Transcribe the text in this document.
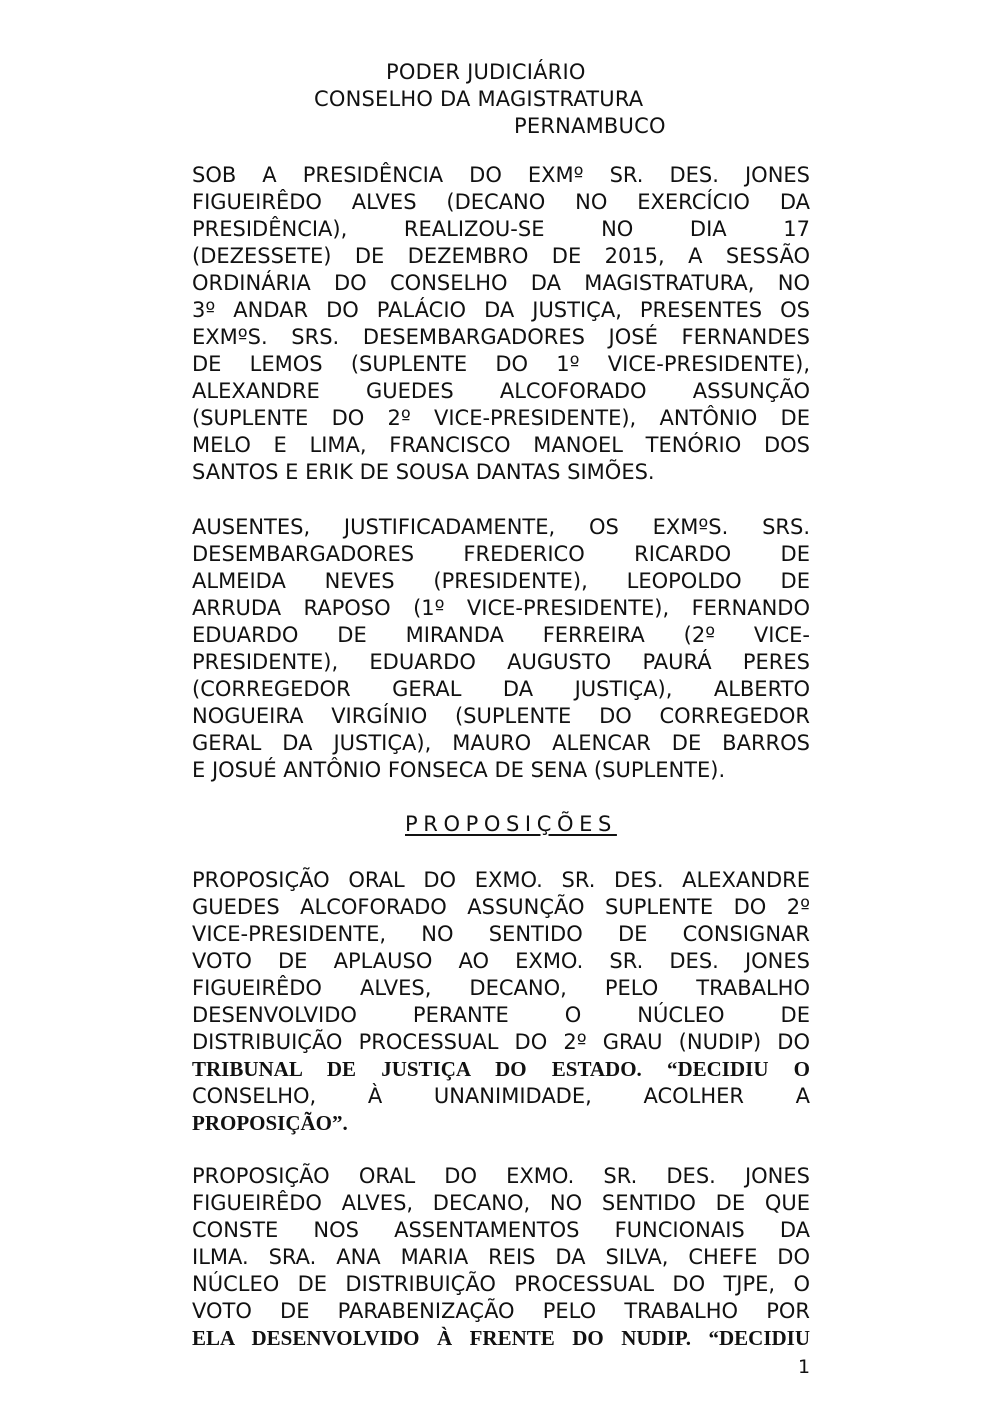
PODER JUDICIÁRIO
CONSELHO DA MAGISTRATURA
PERNAMBUCO
SOB A PRESIDÊNCIA DO EXMº SR. DES. JONES
FIGUEIRÊDO ALVES (DECANO NO EXERCÍCIO DA
PRESIDÊNCIA), REALIZOU-SE NO DIA 17
(DEZESSETE) DE DEZEMBRO DE 2015, A SESSÃO
ORDINÁRIA DO CONSELHO DA MAGISTRATURA, NO
3º ANDAR DO PALÁCIO DA JUSTIÇA, PRESENTES OS
EXMºS. SRS. DESEMBARGADORES JOSÉ FERNANDES
DE LEMOS (SUPLENTE DO 1º VICE-PRESIDENTE),
ALEXANDRE GUEDES ALCOFORADO ASSUNÇÃO
(SUPLENTE DO 2º VICE-PRESIDENTE), ANTÔNIO DE
MELO E LIMA, FRANCISCO MANOEL TENÓRIO DOS
SANTOS E ERIK DE SOUSA DANTAS SIMÕES.
AUSENTES, JUSTIFICADAMENTE, OS EXMºS. SRS.
DESEMBARGADORES FREDERICO RICARDO DE
ALMEIDA NEVES (PRESIDENTE), LEOPOLDO DE
ARRUDA RAPOSO (1º VICE-PRESIDENTE), FERNANDO
EDUARDO DE MIRANDA FERREIRA (2º VICE-
PRESIDENTE), EDUARDO AUGUSTO PAURÁ PERES
(CORREGEDOR GERAL DA JUSTIÇA), ALBERTO
NOGUEIRA VIRGÍNIO (SUPLENTE DO CORREGEDOR
GERAL DA JUSTIÇA), MAURO ALENCAR DE BARROS
E JOSUÉ ANTÔNIO FONSECA DE SENA (SUPLENTE).
PROPOSIÇÕES
PROPOSIÇÃO ORAL DO EXMO. SR. DES. ALEXANDRE
GUEDES ALCOFORADO ASSUNÇÃO SUPLENTE DO 2º
VICE-PRESIDENTE, NO SENTIDO DE CONSIGNAR
VOTO DE APLAUSO AO EXMO. SR. DES. JONES
FIGUEIRÊDO ALVES, DECANO, PELO TRABALHO
DESENVOLVIDO PERANTE O NÚCLEO DE
DISTRIBUIÇÃO PROCESSUAL DO 2º GRAU (NUDIP) DO
TRIBUNAL DE JUSTIÇA DO ESTADO. “DECIDIU O
CONSELHO, À UNANIMIDADE, ACOLHER A
PROPOSIÇÃO”.
PROPOSIÇÃO ORAL DO EXMO. SR. DES. JONES
FIGUEIRÊDO ALVES, DECANO, NO SENTIDO DE QUE
CONSTE NOS ASSENTAMENTOS FUNCIONAIS DA
ILMA. SRA. ANA MARIA REIS DA SILVA, CHEFE DO
NÚCLEO DE DISTRIBUIÇÃO PROCESSUAL DO TJPE, O
VOTO DE PARABENIZAÇÃO PELO TRABALHO POR
ELA DESENVOLVIDO À FRENTE DO NUDIP. “DECIDIU
1
